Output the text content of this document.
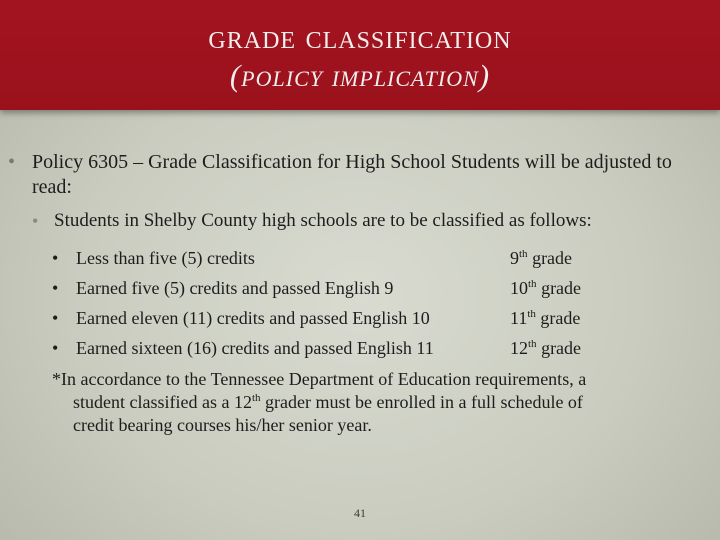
grade classification
(policy implication)
• Policy 6305 – Grade Classification for High School Students will be adjusted to read:
• Students in Shelby County high schools are to be classified as follows:
• Less than five (5) credits	9th grade
• Earned five (5) credits and passed English 9	10th grade
• Earned eleven (11) credits and passed English 10	11th grade
• Earned sixteen (16) credits and passed English 11	12th grade
*In accordance to the Tennessee Department of Education requirements, a
student classified as a 12th grader must be enrolled in a full schedule of
credit bearing courses his/her senior year.
41
